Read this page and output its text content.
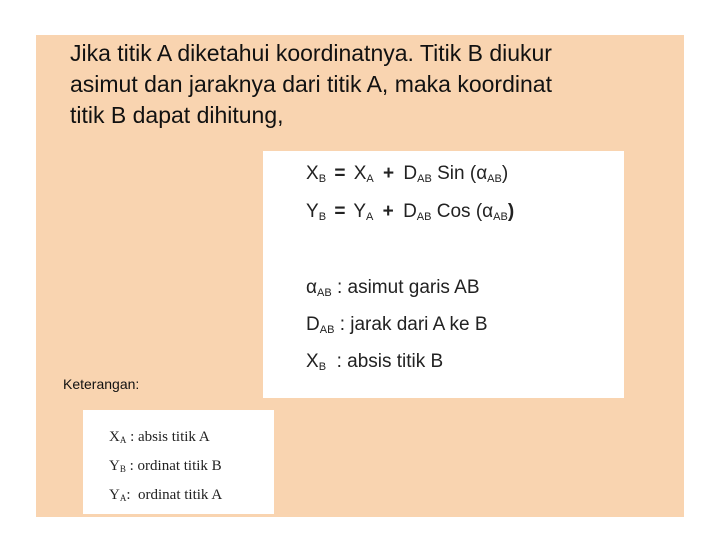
Jika titik A diketahui koordinatnya. Titik B diukur
asimut dan jaraknya dari titik A, maka koordinat
titik B dapat dihitung,
$X_B = X_A + D_{AB}$ Sin $(\alpha_{AB})$
$Y_B = Y_A + D_{AB}$ Cos $(\alpha_{AB})$
$\alpha_{AB}$ : asimut garis AB
$D_{AB}$ : jarak dari A ke B
$X_B$  : absis titik B
Keterangan:
$X_A$ : absis titik A
$Y_B$ : ordinat titik B
$Y_A$:  ordinat titik A
